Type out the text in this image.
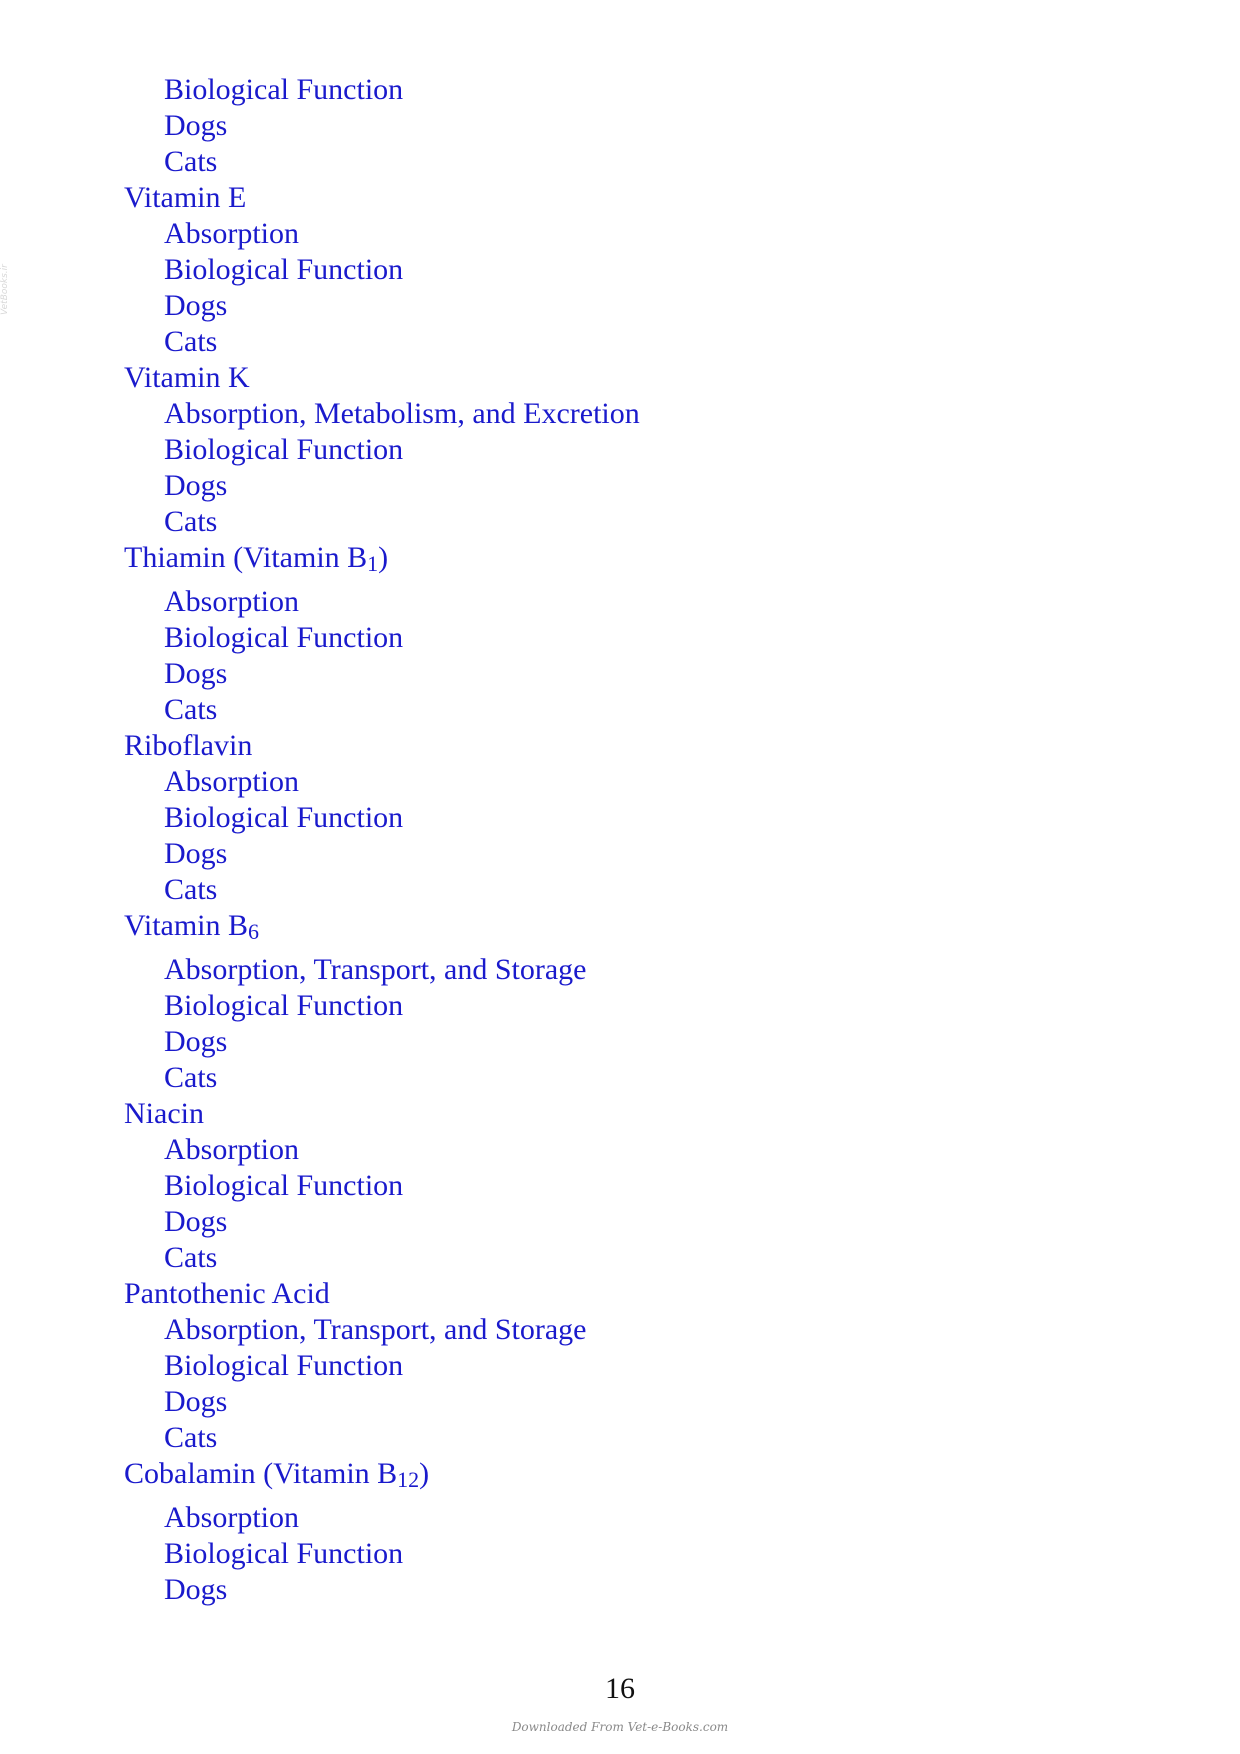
VetBooks.ir
Biological Function
Dogs
Cats
Vitamin E
Absorption
Biological Function
Dogs
Cats
Vitamin K
Absorption, Metabolism, and Excretion
Biological Function
Dogs
Cats
Thiamin (Vitamin $B_1$)
Absorption
Biological Function
Dogs
Cats
Riboflavin
Absorption
Biological Function
Dogs
Cats
Vitamin $B_6$
Absorption, Transport, and Storage
Biological Function
Dogs
Cats
Niacin
Absorption
Biological Function
Dogs
Cats
Pantothenic Acid
Absorption, Transport, and Storage
Biological Function
Dogs
Cats
Cobalamin (Vitamin $B_{12}$)
Absorption
Biological Function
Dogs
16
Downloaded From Vet-e-Books.com
